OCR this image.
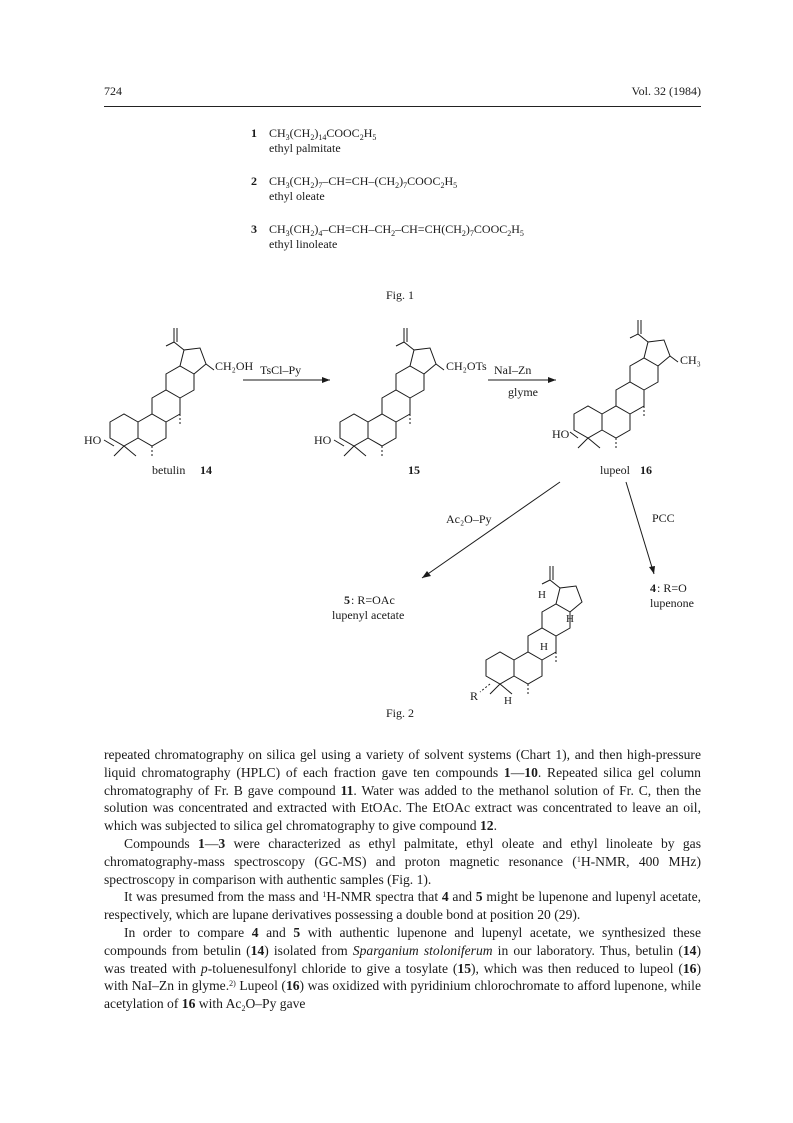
724	Vol. 32 (1984)
1	$CH_3(CH_2)_{14}COOC_2H_5$
ethyl palmitate
2	$CH_3(CH_2)_7-CH=CH-(CH_2)_7COOC_2H_5$
ethyl oleate
3	$CH_3(CH_2)_4-CH=CH-CH_2-CH=CH(CH_2)_7COOC_2H_5$
ethyl linoleate
Fig. 1
CH₂OH
HO
betulin 14
TsCl–Py	CH₂OTs
HO
15
NaI–Zn
glyme
CH₃
HO
lupeol 16
Ac₂O–Py	PCC
5 : R=OAc
lupenyl acetate
4 : R=O
lupenone
R
H
H
H
H
Fig. 2

repeated chromatography on silica gel using a variety of solvent systems (Chart 1), and then high-pressure liquid chromatography (HPLC) of each fraction gave ten compounds 1—10. Repeated silica gel column chromatography of Fr. B gave compound 11. Water was added to the methanol solution of Fr. C, then the solution was concentrated and extracted with EtOAc. The EtOAc extract was concentrated to leave an oil, which was subjected to silica gel chromatography to give compound 12.

Compounds 1—3 were characterized as ethyl palmitate, ethyl oleate and ethyl linoleate by gas chromatography-mass spectroscopy (GC-MS) and proton magnetic resonance ($^1$H-NMR, 400 MHz) spectroscopy in comparison with authentic samples (Fig. 1).

It was presumed from the mass and $^1$H-NMR spectra that 4 and 5 might be lupenone and lupenyl acetate, respectively, which are lupane derivatives possessing a double bond at position 20 (29).

In order to compare 4 and 5 with authentic lupenone and lupenyl acetate, we synthesized these compounds from betulin (14) isolated from Sparganium stoloniferum in our laboratory. Thus, betulin (14) was treated with p-toluenesulfonyl chloride to give a tosylate (15), which was then reduced to lupeol (16) with NaI–Zn in glyme.$^{2)}$ Lupeol (16) was oxidized with pyridinium chlorochromate to afford lupenone, while acetylation of 16 with $Ac_2O-Py$ gave
